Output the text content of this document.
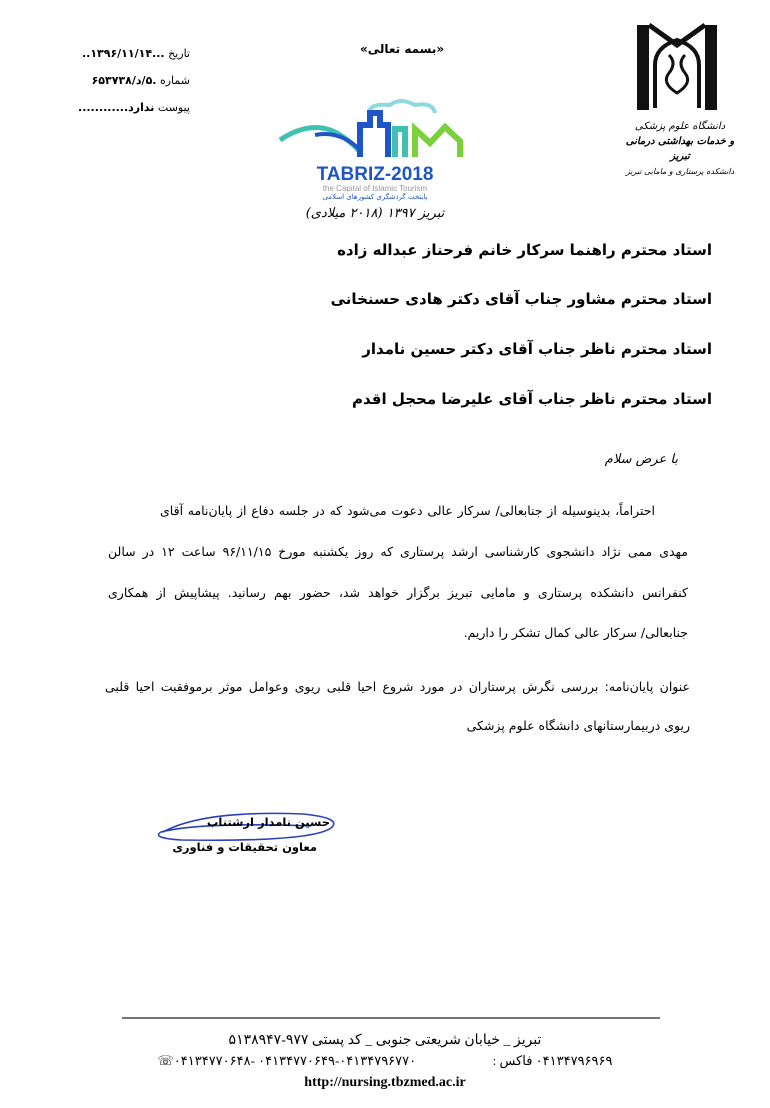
تاریخ ...۱۳۹۶/۱۱/۱۴..
شماره .۵/د/۶۵۳۷۳۸
پیوست ندارد............
«بسمه تعالی»
TABRIZ-2018
the Capital of Islamic Tourism
پایتخت گردشگری کشورهای اسلامی
تبریز ۱۳۹۷ (۲۰۱۸ میلادی)
دانشگاه علوم پزشکی
و خدمات بهداشتی درمانی تبریز
دانشکده پرستاری و مامایی تبریز
استاد محترم راهنما سرکار خانم فرحناز عبداله زاده
استاد محترم مشاور جناب آقای دکتر هادی حسنخانی
استاد محترم ناظر جناب آقای دکتر حسین نامدار
استاد محترم ناظر جناب آقای علیرضا محجل اقدم
با عرض سلام
احتراماً، بدینوسیله از جنابعالی/ سرکار عالی دعوت می‌شود که در جلسه دفاع از پایان‌نامه آقای
مهدی ممی نژاد دانشجوی کارشناسی ارشد پرستاری که روز یکشنبه مورخ ۹۶/۱۱/۱۵ ساعت ۱۲ در سالن
کنفرانس دانشکده پرستاری و مامایی تبریز برگزار خواهد شد، حضور بهم رسانید. پیشاپیش از همکاری
جنابعالی/ سرکار عالی کمال تشکر را داریم.
عنوان پایان‌نامه: بررسی نگرش پرستاران در مورد شروع احیا قلبی ریوی وعوامل موثر برموفقیت احیا قلبی
ریوی دربیمارستانهای دانشگاه علوم پزشکی
حسین نامدار ارشتناب
معاون تحقیقات و فناوری
تبریز _ خیابان شریعتی جنوبی _ کد پستی ۹۷۷-۵۱۳۸۹۴۷
☏۰۴۱۳۴۷۷۰۶۴۸- ۰۴۱۳۴۷۷۰۶۴۹-۰۴۱۳۴۷۹۶۷۷۰	فاکس : ۰۴۱۳۴۷۹۶۹۶۹
http://nursing.tbzmed.ac.ir
